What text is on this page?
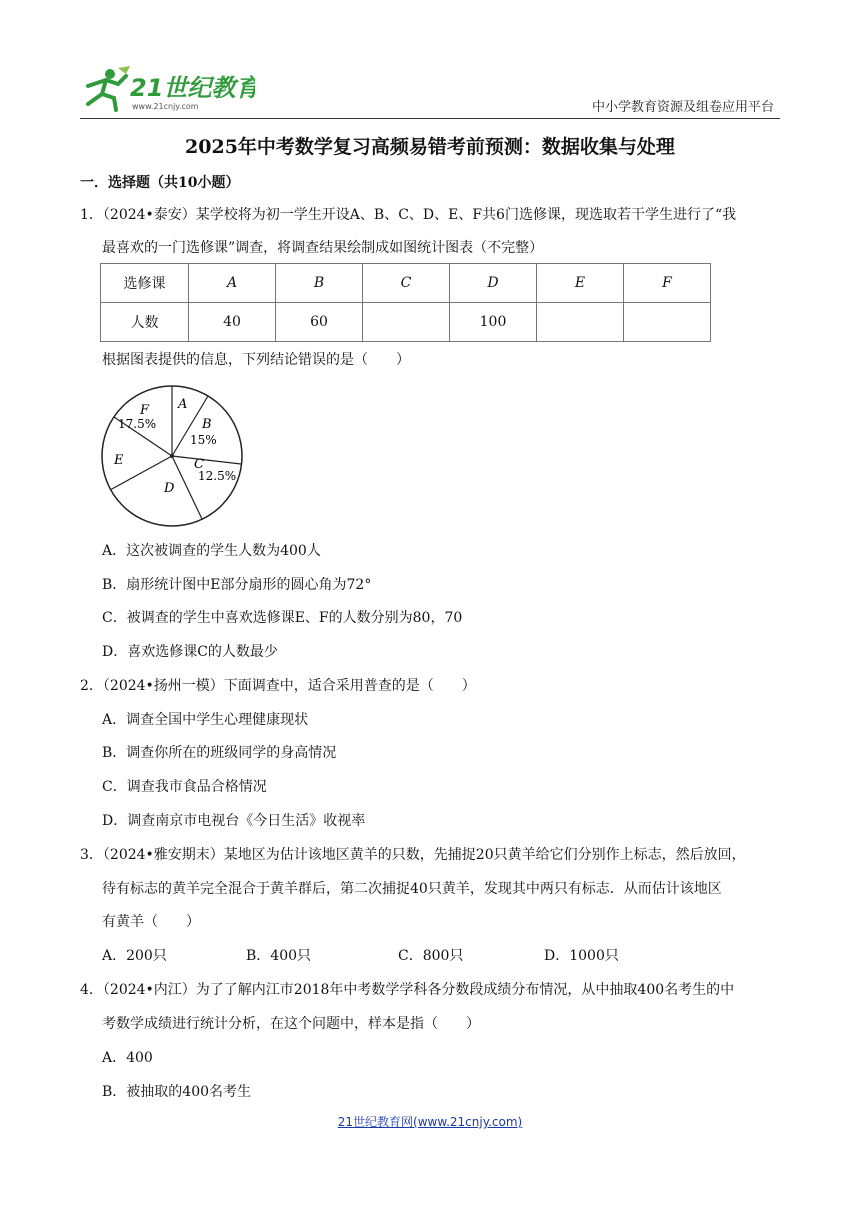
21世纪教育
www.21cnjy.com	中小学教育资源及组卷应用平台
2025年中考数学复习高频易错考前预测：数据收集与处理
一．选择题（共10小题）
1．（2024•泰安）某学校将为初一学生开设A、B、C、D、E、F共6门选修课，现选取若干学生进行了“我
最喜欢的一门选修课”调查，将调查结果绘制成如图统计图表（不完整）
选修课	A	B	C	D	E	F
人数	40	60		100		
根据图表提供的信息，下列结论错误的是（　　）
A
B
15%
C
12.5%
D
E
F
17.5%
A．这次被调查的学生人数为400人
B．扇形统计图中E部分扇形的圆心角为72°
C．被调查的学生中喜欢选修课E、F的人数分别为80，70
D．喜欢选修课C的人数最少
2．（2024•扬州一模）下面调查中，适合采用普查的是（　　）
A．调查全国中学生心理健康现状
B．调查你所在的班级同学的身高情况
C．调查我市食品合格情况
D．调查南京市电视台《今日生活》收视率
3．（2024•雅安期末）某地区为估计该地区黄羊的只数，先捕捉20只黄羊给它们分别作上标志，然后放回，
待有标志的黄羊完全混合于黄羊群后，第二次捕捉40只黄羊，发现其中两只有标志．从而估计该地区
有黄羊（　　）
A．200只	B．400只	C．800只	D．1000只
4．（2024•内江）为了了解内江市2018年中考数学学科各分数段成绩分布情况，从中抽取400名考生的中
考数学成绩进行统计分析，在这个问题中，样本是指（　　）
A．400
B．被抽取的400名考生
21世纪教育网(www.21cnjy.com)
